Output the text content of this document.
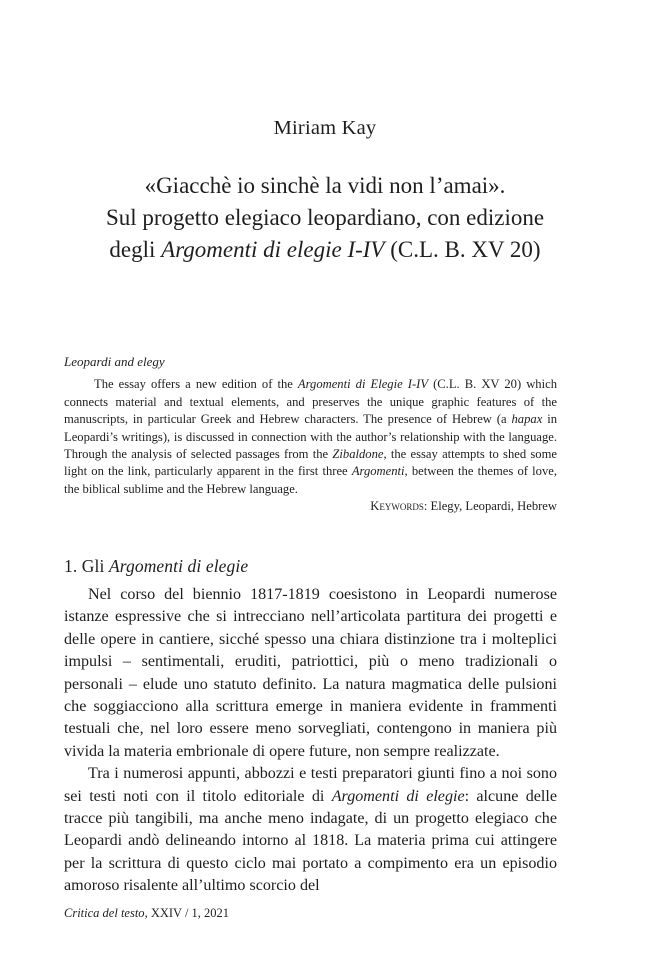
Miriam Kay
«Giacchè io sinchè la vidi non l’amai».
Sul progetto elegiaco leopardiano, con edizione
degli Argomenti di elegie I-IV (C.L. B. XV 20)
Leopardi and elegy

The essay offers a new edition of the Argomenti di Elegie I-IV (C.L. B. XV 20) which connects material and textual elements, and preserves the unique graphic features of the manuscripts, in particular Greek and Hebrew characters. The presence of Hebrew (a hapax in Leopardi’s writings), is discussed in connection with the author’s relationship with the language. Through the analysis of selected passages from the Zibaldone, the essay attempts to shed some light on the link, particularly apparent in the first three Argomenti, between the themes of love, the biblical sublime and the Hebrew language.

Keywords: Elegy, Leopardi, Hebrew
1. Gli Argomenti di elegie

Nel corso del biennio 1817-1819 coesistono in Leopardi numerose istanze espressive che si intrecciano nell’articolata partitura dei progetti e delle opere in cantiere, sicché spesso una chiara distinzione tra i molteplici impulsi – sentimentali, eruditi, patriottici, più o meno tradizionali o personali – elude uno statuto definito. La natura magmatica delle pulsioni che soggiacciono alla scrittura emerge in maniera evidente in frammenti testuali che, nel loro essere meno sorvegliati, contengono in maniera più vivida la materia embrionale di opere future, non sempre realizzate.

Tra i numerosi appunti, abbozzi e testi preparatori giunti fino a noi sono sei testi noti con il titolo editoriale di Argomenti di elegie: alcune delle tracce più tangibili, ma anche meno indagate, di un progetto elegiaco che Leopardi andò delineando intorno al 1818. La materia prima cui attingere per la scrittura di questo ciclo mai portato a compimento era un episodio amoroso risalente all’ultimo scorcio del

Critica del testo, XXIV / 1, 2021
